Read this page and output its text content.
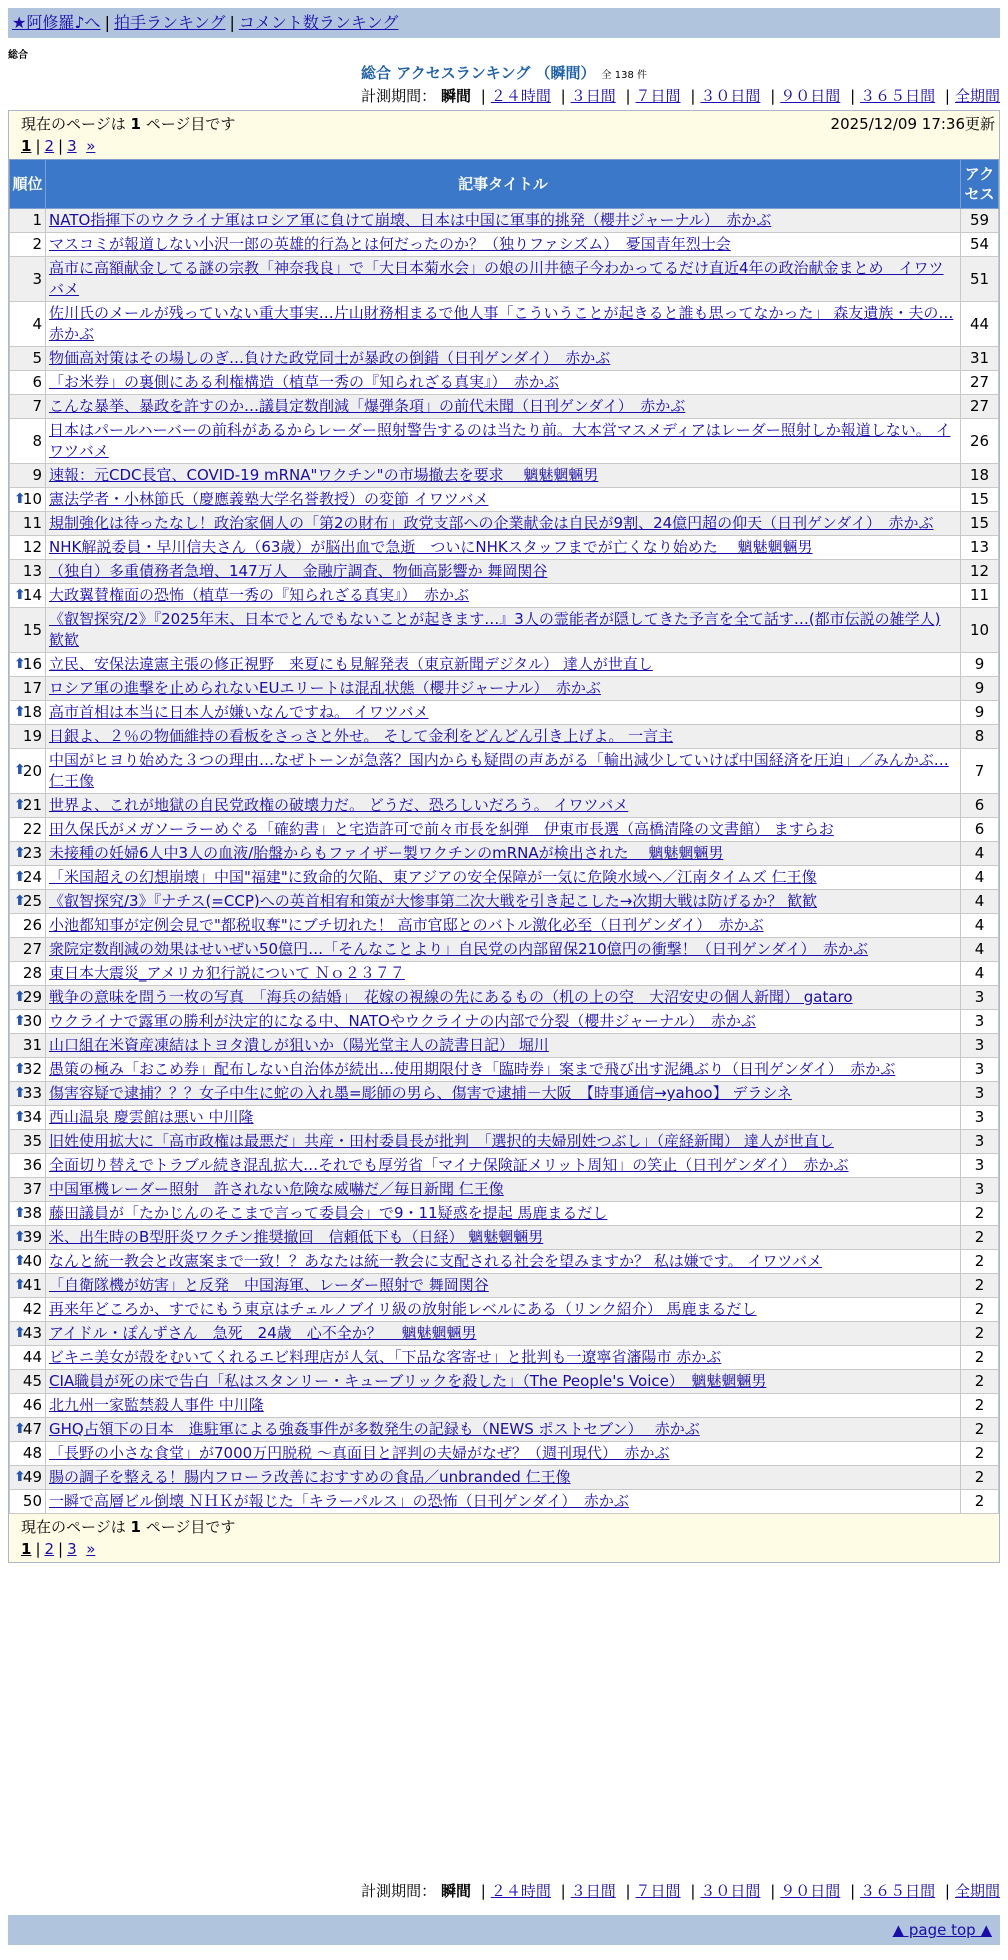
★阿修羅♪へ | 拍手ランキング | コメント数ランキング
総合
総合 アクセスランキング （瞬間） 全 138 件
計測期間： 瞬間 | ２４時間 | ３日間 | ７日間 | ３０日間 | ９０日間 | ３６５日間 | 全期間
現在のページは 1 ページ目です	2025/12/09 17:36更新
1 | 2 | 3 »
順位	記事タイトル	アクセス
1	NATO指揮下のウクライナ軍はロシア軍に負けて崩壊、日本は中国に軍事的挑発（櫻井ジャーナル）　赤かぶ	59
2	マスコミが報道しない小沢一郎の英雄的行為とは何だったのか？（独りファシズム）　憂国青年烈士会	54
3	高市に高額献金してる謎の宗教「神奈我良」で「大日本菊水会」の娘の川井徳子今わかってるだけ直近4年の政治献金まとめ　イワツバメ	51
4	佐川氏のメールが残っていない重大事実…片山財務相まるで他人事「こういうことが起きると誰も思ってなかった」 森友遺族・夫の… 赤かぶ	44
5	物価高対策はその場しのぎ…負けた政党同士が暴政の倒錯（日刊ゲンダイ）　赤かぶ	31
6	「お米券」の裏側にある利権構造（植草一秀の『知られざる真実』）　赤かぶ	27
7	こんな暴挙、暴政を許すのか…議員定数削減「爆弾条項」の前代未聞（日刊ゲンダイ）　赤かぶ	27
8	日本はパールハーバーの前科があるからレーダー照射警告するのは当たり前。大本営マスメディアはレーダー照射しか報道しない。 イワツバメ	26
9	速報：元CDC長官、COVID-19 mRNA"ワクチン"の市場撤去を要求　 魑魅魍魎男	18

⬆
10	憲法学者・小林節氏（慶應義塾大学名誉教授）の変節 イワツバメ	15
11	規制強化は待ったなし！政治家個人の「第2の財布」政党支部への企業献金は自民が9割、24億円超の仰天（日刊ゲンダイ）　赤かぶ	15
12	NHK解説委員・早川信夫さん（63歳）が脳出血で急逝　ついにNHKスタッフまでが亡くなり始めた　 魑魅魍魎男	13
13	（独自）多重債務者急増、147万人　金融庁調査、物価高影響か 舞岡関谷	12

⬆
14	大政翼賛権面の恐怖（植草一秀の『知られざる真実』）　赤かぶ	11
15	《叡智探究/2》『2025年末、日本でとんでもないことが起きます…』3人の霊能者が隠してきた予言を全て話す…(都市伝説の雑学人) 歓歓	10

⬆
16	立民、安保法違憲主張の修正視野　来夏にも見解発表（東京新聞デジタル） 達人が世直し	9
17	ロシア軍の進撃を止められないEUエリートは混乱状態（櫻井ジャーナル）　赤かぶ	9

⬆
18	高市首相は本当に日本人が嫌いなんですね。 イワツバメ	9
19	日銀よ、２％の物価維持の看板をさっさと外せ。 そして金利をどんどん引き上げよ。 一言主	8

⬆
20	中国がヒヨり始めた３つの理由…なぜトーンが急落？国内からも疑問の声あがる「輸出減少していけば中国経済を圧迫」／みんかぶ… 仁王像	7

⬆
21	世界よ、これが地獄の自民党政権の破壊力だ。 どうだ、恐ろしいだろう。 イワツバメ	6
22	田久保氏がメガソーラーめぐる「確約書」と宅造許可で前々市長を糾弾　伊東市長選（高橋清隆の文書館） ますらお	6

⬆
23	未接種の妊婦6人中3人の血液/胎盤からもファイザー製ワクチンのmRNAが検出された　 魑魅魍魎男	4

⬆
24	「米国超えの幻想崩壊」中国"福建"に致命的欠陥、東アジアの安全保障が一気に危険水域へ／江南タイムズ 仁王像	4

⬆
25	《叡智探究/3》『ナチス(=CCP)への英首相宥和策が大惨事第二次大戦を引き起こした→次期大戦は防げるか？ 歓歓	4
26	小池都知事が定例会見で"都税収奪"にブチ切れた！ 高市官邸とのバトル激化必至（日刊ゲンダイ）　赤かぶ	4
27	衆院定数削減の効果はせいぜい50億円…「そんなことより」自民党の内部留保210億円の衝撃！（日刊ゲンダイ）　赤かぶ	4
28	東日本大震災_アメリカ犯行説について Ｎｏ２３７７	4

⬆
29	戦争の意味を問う一枚の写真　「海兵の結婚」　花嫁の視線の先にあるもの（机の上の空　大沼安史の個人新聞） gataro	3

⬆
30	ウクライナで露軍の勝利が決定的になる中、NATOやウクライナの内部で分裂（櫻井ジャーナル）　赤かぶ	3
31	山口組在米資産凍結はトヨタ潰しが狙いか（陽光堂主人の読書日記） 堀川	3

⬆
32	愚策の極み「おこめ券」配布しない自治体が続出…使用期限付き「臨時券」案まで飛び出す泥縄ぶり（日刊ゲンダイ）　赤かぶ	3

⬆
33	傷害容疑で逮捕？？？女子中生に蛇の入れ墨=彫師の男ら、傷害で逮捕－大阪　【時事通信→yahoo】 デラシネ	3

⬆
34	西山温泉 慶雲館は悪い 中川隆	3
35	旧姓使用拡大に「高市政権は最悪だ」共産・田村委員長が批判　「選択的夫婦別姓つぶし」（産経新聞） 達人が世直し	3
36	全面切り替えでトラブル続き混乱拡大…それでも厚労省「マイナ保険証メリット周知」の笑止（日刊ゲンダイ）　赤かぶ	3
37	中国軍機レーダー照射　許されない危険な威嚇だ／毎日新聞 仁王像	3

⬆
38	藤田議員が「たかじんのそこまで言って委員会」で9・11疑惑を提起 馬鹿まるだし	2

⬆
39	米、出生時のB型肝炎ワクチン推奨撤回　信頼低下も（日経） 魑魅魍魎男	2

⬆
40	なんと統一教会と改憲案まで一致！？あなたは統一教会に支配される社会を望みますか？ 私は嫌です。 イワツバメ	2

⬆
41	「自衛隊機が妨害」と反発　中国海軍、レーダー照射で 舞岡関谷	2
42	再来年どころか、すでにもう東京はチェルノブイリ級の放射能レベルにある（リンク紹介） 馬鹿まるだし	2

⬆
43	アイドル・ぽんずさん　急死　24歳　心不全か？　 魑魅魍魎男	2
44	ビキニ美女が殻をむいてくれるエビ料理店が人気、「下品な客寄せ」と批判も一遼寧省瀋陽市 赤かぶ	2
45	CIA職員が死の床で告白「私はスタンリー・キューブリックを殺した」（The People's Voice）　魑魅魍魎男	2
46	北九州一家監禁殺人事件 中川隆	2

⬆
47	GHQ占領下の日本　進駐軍による強姦事件が多数発生の記録も（NEWS ポストセブン）　 赤かぶ	2
48	「長野の小さな食堂」が7000万円脱税 ～真面目と評判の夫婦がなぜ？（週刊現代）　赤かぶ	2

⬆
49	腸の調子を整える！腸内フローラ改善におすすめの食品／unbranded 仁王像	2
50	一瞬で高層ビル倒壊 ＮＨＫが報じた「キラーパルス」の恐怖（日刊ゲンダイ）　赤かぶ	2
現在のページは 1 ページ目です
1 | 2 | 3 »
計測期間： 瞬間 | ２４時間 | ３日間 | ７日間 | ３０日間 | ９０日間 | ３６５日間 | 全期間
▲ page top ▲
